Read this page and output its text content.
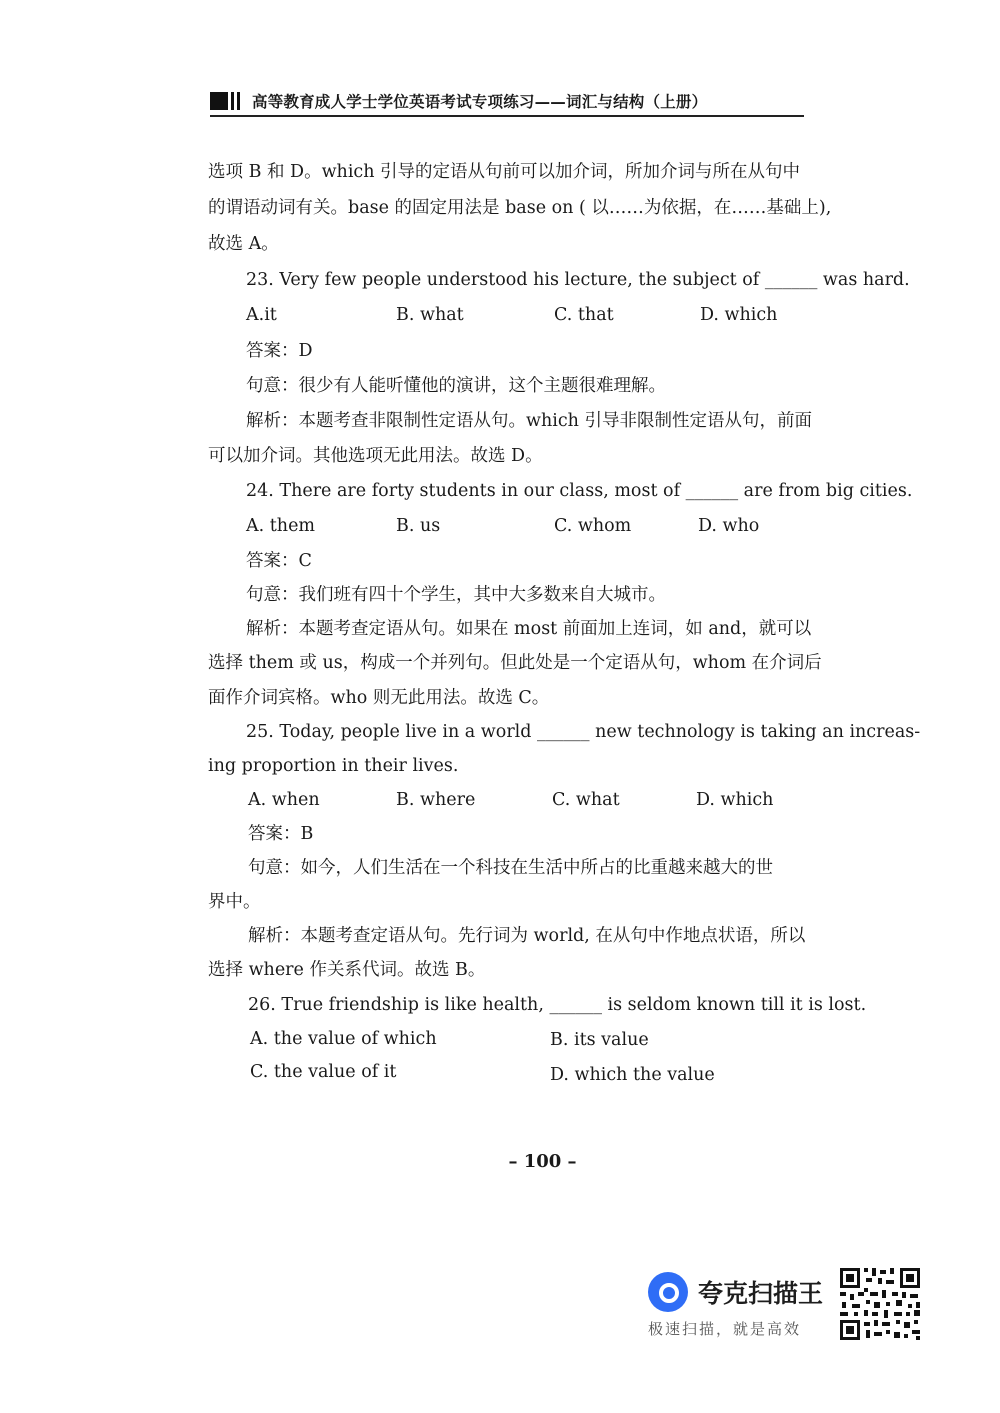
高等教育成人学士学位英语考试专项练习——词汇与结构（上册）
选项 B 和 D。which 引导的定语从句前可以加介词，所加介词与所在从句中
的谓语动词有关。base 的固定用法是 base on ( 以……为依据，在……基础上),
故选 A。
23. Very few people understood his lecture, the subject of ______ was hard.
A.it	B. what	C. that	D. which
答案：D
句意：很少有人能听懂他的演讲，这个主题很难理解。
解析：本题考查非限制性定语从句。which 引导非限制性定语从句，前面
可以加介词。其他选项无此用法。故选 D。
24. There are forty students in our class, most of ______ are from big cities.
A. them	B. us	C. whom	D. who
答案：C
句意：我们班有四十个学生，其中大多数来自大城市。
解析：本题考查定语从句。如果在 most 前面加上连词，如 and，就可以
选择 them 或 us，构成一个并列句。但此处是一个定语从句，whom 在介词后
面作介词宾格。who 则无此用法。故选 C。
25. Today, people live in a world ______ new technology is taking an increas-
ing proportion in their lives.
A. when	B. where	C. what	D. which
答案：B
句意：如今，人们生活在一个科技在生活中所占的比重越来越大的世
界中。
解析：本题考查定语从句。先行词为 world, 在从句中作地点状语，所以
选择 where 作关系代词。故选 B。
26. True friendship is like health, ______ is seldom known till it is lost.
A. the value of which	B. its value
C. the value of it	D. which the value
– 100 –
夸克扫描王
极速扫描，就是高效
